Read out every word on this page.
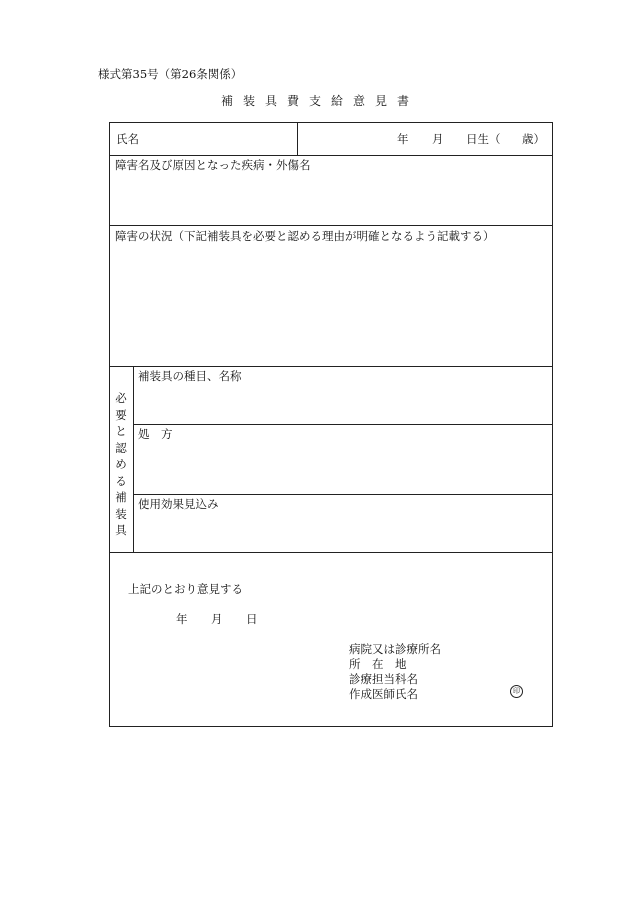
様式第35号（第26条関係）
補装具費支給意見書
氏名	年 月 日生（ 歳）
障害名及び原因となった疾病・外傷名
障害の状況（下記補装具を必要と認める理由が明確となるよう記載する）
必要と認める補装具
補装具の種目、名称
処　方
使用効果見込み
上記のとおり意見する
年 月 日
病院又は診療所名
所　在　地
診療担当科名
作成医師氏名	印
